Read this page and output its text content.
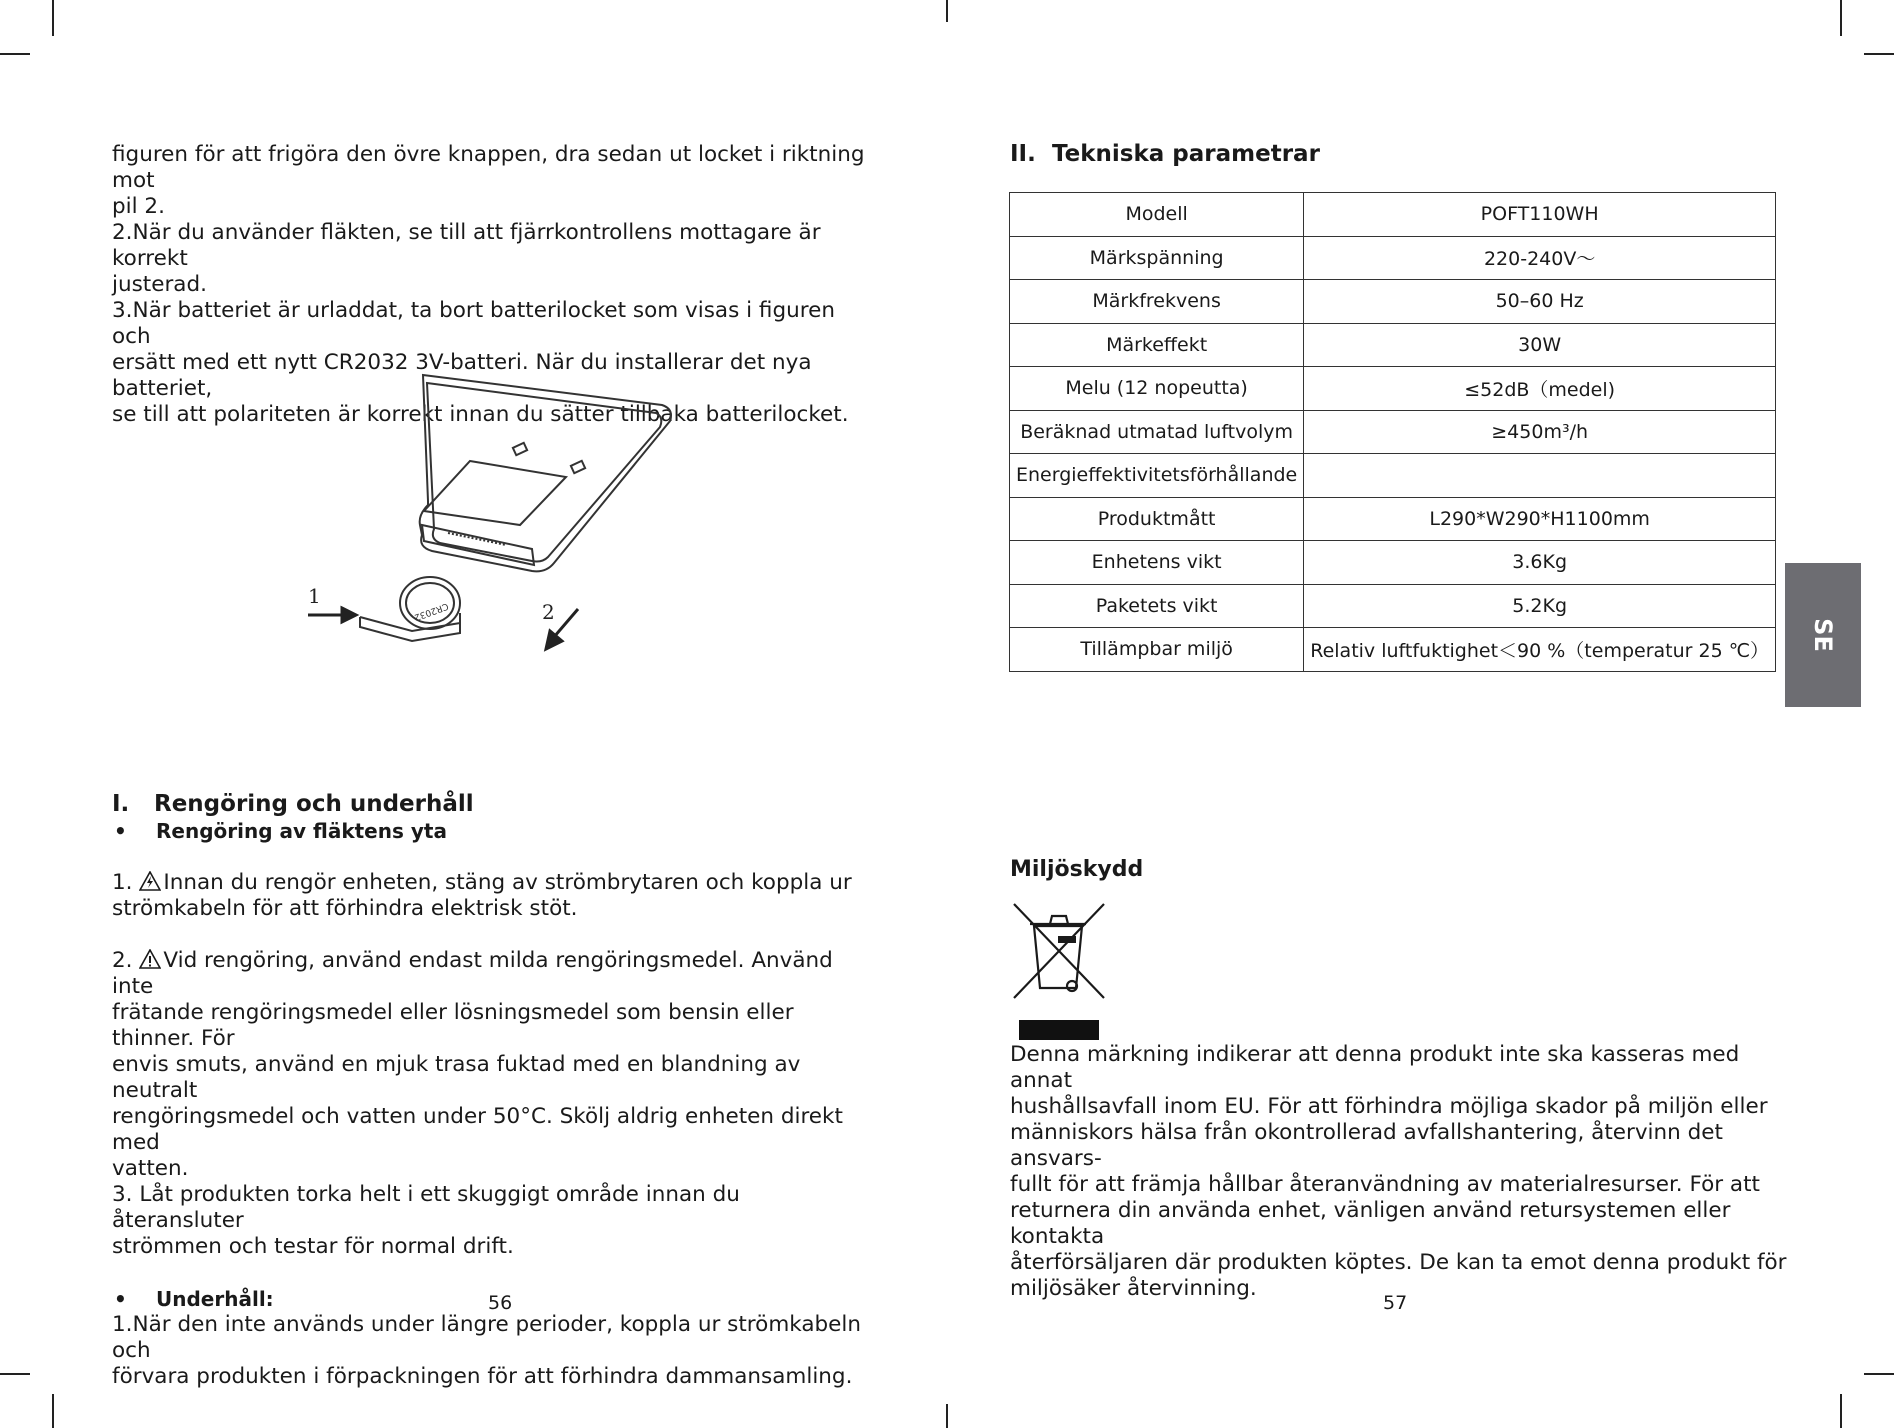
figuren för att frigöra den övre knappen, dra sedan ut locket i riktning mot

pil 2.

2.När du använder fläkten, se till att fjärrkontrollens mottagare är korrekt

justerad.

3.När batteriet är urladdat, ta bort batterilocket som visas i figuren och

ersätt med ett nytt CR2032 3V-batteri. När du installerar det nya batteriet,

se till att polariteten är korrekt innan du sätter tillbaka batterilocket.

1
CR2032	2
I.	Rengöring och underhåll
•	Rengöring av fläktens yta

1. Innan du rengör enheten, stäng av strömbrytaren och koppla ur

strömkabeln för att förhindra elektrisk stöt.

2. Vid rengöring, använd endast milda rengöringsmedel. Använd inte

frätande rengöringsmedel eller lösningsmedel som bensin eller thinner. För

envis smuts, använd en mjuk trasa fuktad med en blandning av neutralt

rengöringsmedel och vatten under 50°C. Skölj aldrig enheten direkt med

vatten.

3. Låt produkten torka helt i ett skuggigt område innan du återansluter

strömmen och testar för normal drift.

•	Underhåll:

1.När den inte används under längre perioder, koppla ur strömkabeln och

förvara produkten i förpackningen för att förhindra dammansamling.

56
II. Tekniska parametrar
Modell	POFT110WH
Märkspänning	220-240V～
Märkfrekvens	50–60 Hz
Märkeffekt	30W
Melu (12 nopeutta)	≤52dB（medel)
Beräknad utmatad luftvolym	≥450m³/h
Energieffektivitetsförhållande	
Produktmått	L290*W290*H1100mm
Enhetens vikt	3.6Kg
Paketets vikt	5.2Kg
Tillämpbar miljö	Relativ luftfuktighet＜90 %（temperatur 25 ℃）
Miljöskydd

Denna märkning indikerar att denna produkt inte ska kasseras med annat

hushållsavfall inom EU. För att förhindra möjliga skador på miljön eller

människors hälsa från okontrollerad avfallshantering, återvinn det ansvars-

fullt för att främja hållbar återanvändning av materialresurser. För att

returnera din använda enhet, vänligen använd retursystemen eller kontakta

återförsäljaren där produkten köptes. De kan ta emot denna produkt för

miljösäker återvinning.

57
SE
